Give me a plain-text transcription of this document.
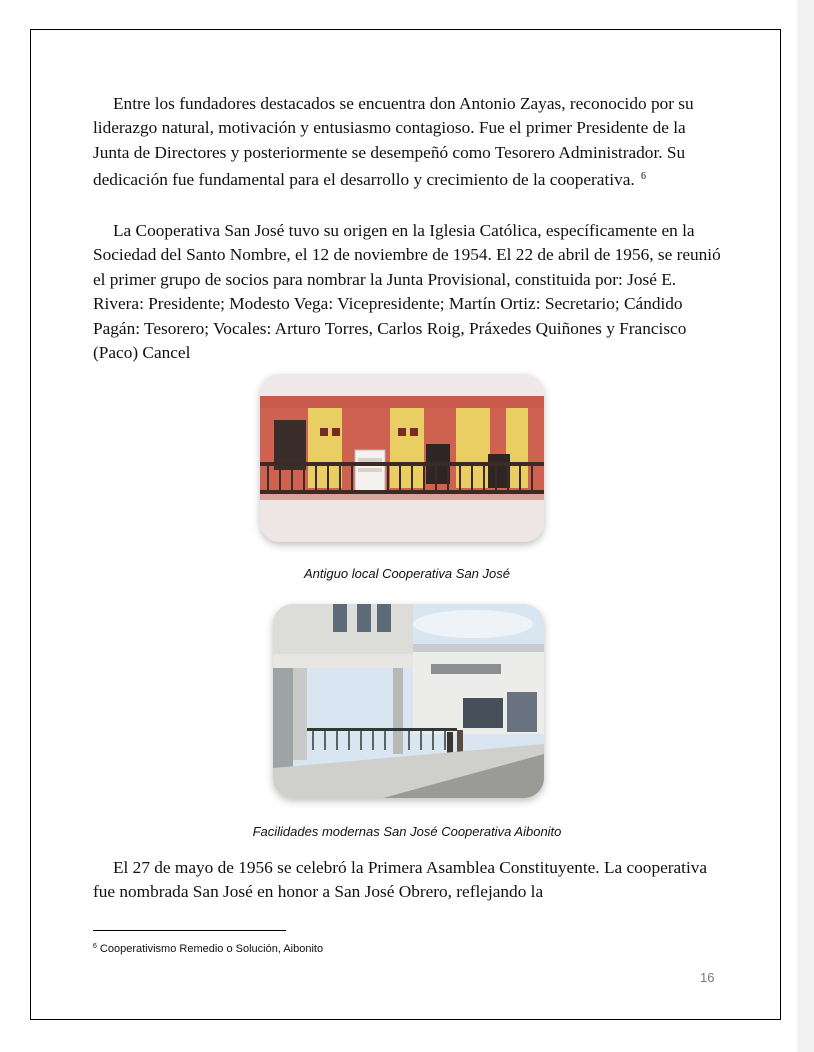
Entre los fundadores destacados se encuentra don Antonio Zayas, reconocido por su liderazgo natural, motivación y entusiasmo contagioso. Fue el primer Presidente de la Junta de Directores y posteriormente se desempeñó como Tesorero Administrador. Su dedicación fue fundamental para el desarrollo y crecimiento de la cooperativa. $^6$

La Cooperativa San José tuvo su origen en la Iglesia Católica, específicamente en la Sociedad del Santo Nombre, el 12 de noviembre de 1954. El 22 de abril de 1956, se reunió el primer grupo de socios para nombrar la Junta Provisional, constituida por: José E. Rivera: Presidente; Modesto Vega: Vicepresidente; Martín Ortiz: Secretario; Cándido Pagán: Tesorero; Vocales: Arturo Torres, Carlos Roig, Práxedes Quiñones y Francisco (Paco) Cancel

Antiguo local Cooperativa San José
Facilidades modernas San José Cooperativa Aibonito

El 27 de mayo de 1956 se celebró la Primera Asamblea Constituyente. La cooperativa fue nombrada San José en honor a San José Obrero, reflejando la

$^6$ Cooperativismo Remedio o Solución, Aibonito
16
